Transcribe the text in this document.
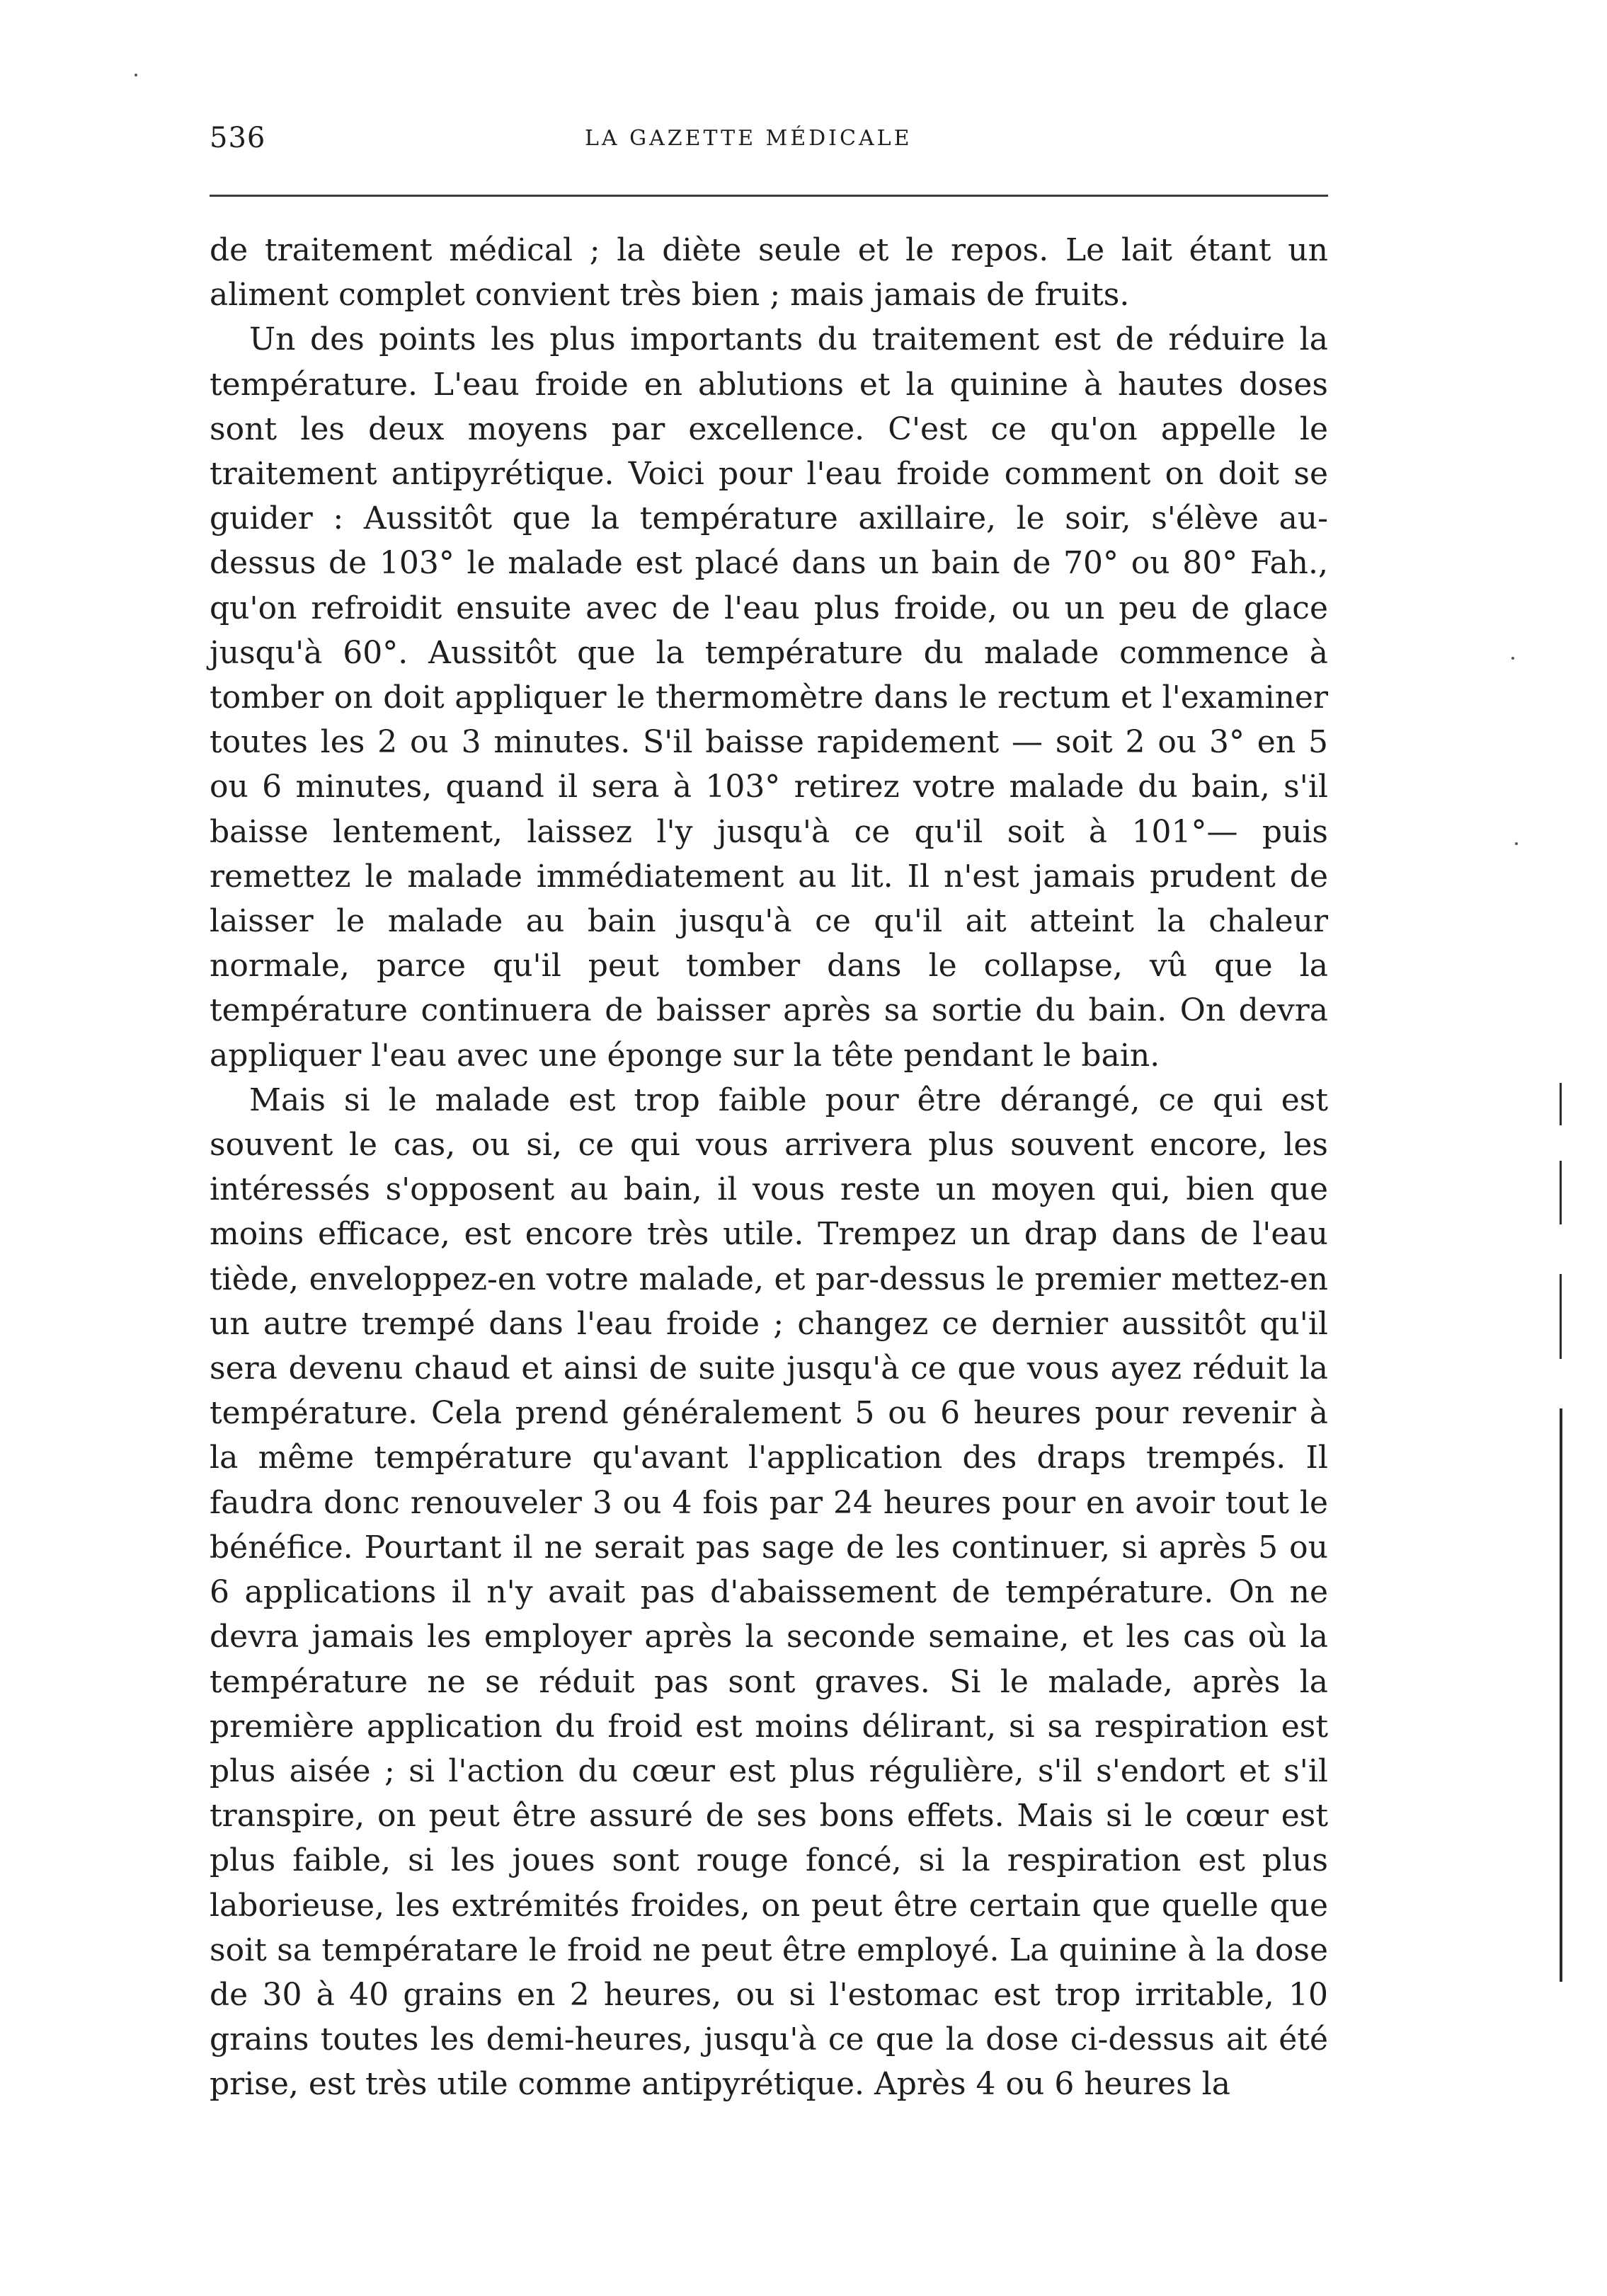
536	LA GAZETTE MÉDICALE

de traitement médical ; la diète seule et le repos. Le lait étant un aliment complet convient très bien ; mais jamais de fruits.

Un des points les plus importants du traitement est de réduire la température. L'eau froide en ablutions et la quinine à hautes doses sont les deux moyens par excellence. C'est ce qu'on appelle le traitement antipyrétique. Voici pour l'eau froide comment on doit se guider : Aussitôt que la température axillaire, le soir, s'élève au-dessus de 103° le malade est placé dans un bain de 70° ou 80° Fah., qu'on refroidit ensuite avec de l'eau plus froide, ou un peu de glace jusqu'à 60°. Aussitôt que la température du malade commence à tomber on doit appliquer le thermomètre dans le rectum et l'examiner toutes les 2 ou 3 minutes. S'il baisse rapidement — soit 2 ou 3° en 5 ou 6 minutes, quand il sera à 103° retirez votre malade du bain, s'il baisse lentement, laissez l'y jusqu'à ce qu'il soit à 101°— puis remettez le malade immédiatement au lit. Il n'est jamais prudent de laisser le malade au bain jusqu'à ce qu'il ait atteint la chaleur normale, parce qu'il peut tomber dans le collapse, vû que la température continuera de baisser après sa sortie du bain. On devra appliquer l'eau avec une éponge sur la tête pendant le bain.

Mais si le malade est trop faible pour être dérangé, ce qui est souvent le cas, ou si, ce qui vous arrivera plus souvent encore, les intéressés s'opposent au bain, il vous reste un moyen qui, bien que moins efficace, est encore très utile. Trempez un drap dans de l'eau tiède, enveloppez-en votre malade, et par-dessus le premier mettez-en un autre trempé dans l'eau froide ; changez ce dernier aussitôt qu'il sera devenu chaud et ainsi de suite jusqu'à ce que vous ayez réduit la température. Cela prend généralement 5 ou 6 heures pour revenir à la même température qu'avant l'application des draps trempés. Il faudra donc renouveler 3 ou 4 fois par 24 heures pour en avoir tout le bénéfice. Pourtant il ne serait pas sage de les continuer, si après 5 ou 6 applications il n'y avait pas d'abaissement de température. On ne devra jamais les employer après la seconde semaine, et les cas où la température ne se réduit pas sont graves. Si le malade, après la première application du froid est moins délirant, si sa respiration est plus aisée ; si l'action du cœur est plus régulière, s'il s'endort et s'il transpire, on peut être assuré de ses bons effets. Mais si le cœur est plus faible, si les joues sont rouge foncé, si la respiration est plus laborieuse, les extrémités froides, on peut être certain que quelle que soit sa températare le froid ne peut être employé. La quinine à la dose de 30 à 40 grains en 2 heures, ou si l'estomac est trop irritable, 10 grains toutes les demi-heures, jusqu'à ce que la dose ci-dessus ait été prise, est très utile comme antipyrétique. Après 4 ou 6 heures la
